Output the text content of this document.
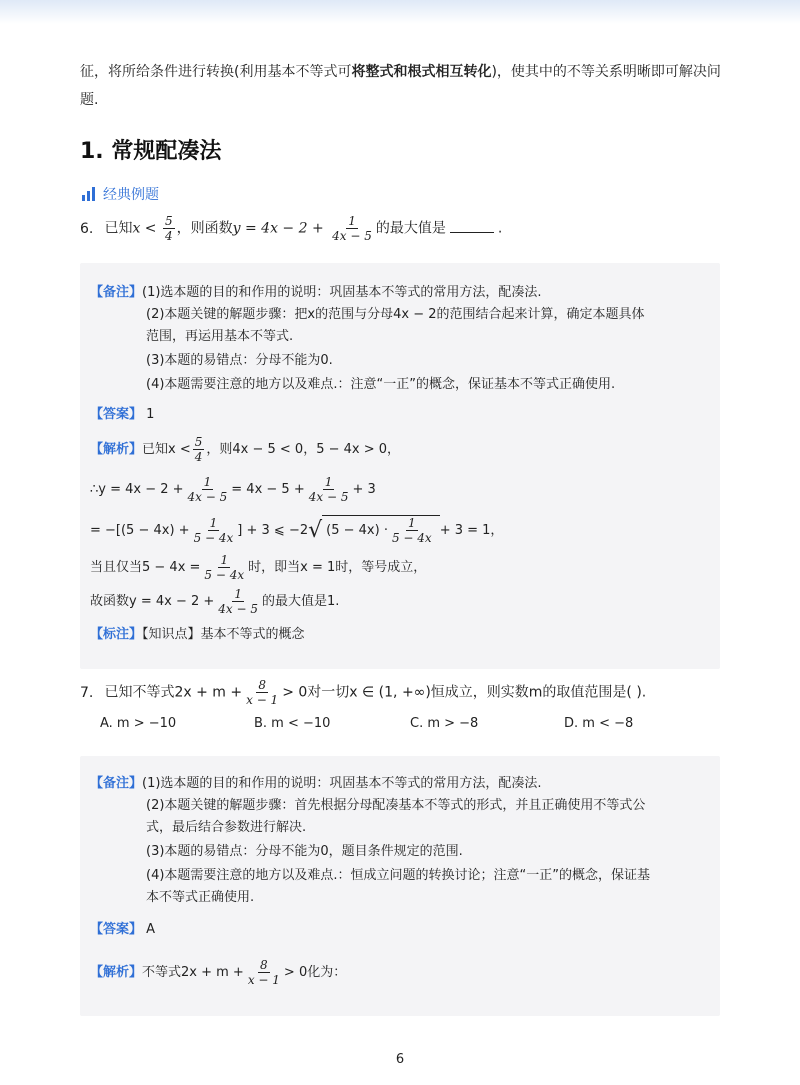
征，将所给条件进行转换(利用基本不等式可将整式和根式相互转化)，使其中的不等关系明晰即可解决问题.
1. 常规配凑法
经典例题
6. 已知$x < \frac{5}{4}$ ，则函数$y = 4x - 2 + \frac{1}{4x - 5}$ 的最大值是	.
【备注】(1)选本题的目的和作用的说明：巩固基本不等式的常用方法，配凑法.
(2)本题关键的解题步骤：把x的范围与分母4x − 2的范围结合起来计算，确定本题具体
范围，再运用基本不等式.
(3)本题的易错点：分母不能为0.
(4)本题需要注意的地方以及难点.：注意“一正”的概念，保证基本不等式正确使用.
【答案】 1
【解析】已知$x < \frac{5}{4}$ ，则4x − 5 < 0，5 − 4x > 0，
∴y = $4x - 2 + \frac{1}{4x - 5} = 4x - 5 + \frac{1}{4x - 5} + 3$
= $-[(5 - 4x) + \frac{1}{5 - 4x}$ ] + 3 ⩽ −2√ $(5 - 4x) \cdot \frac{1}{5 - 4x} + 3 = 1$，
当且仅当$5 - 4x = \frac{1}{5 - 4x}$ 时，即当x = 1时，等号成立，
故函数$y = 4x - 2 + \frac{1}{4x - 5}$ 的最大值是1.
【标注】【知识点】基本不等式的概念
7. 已知不等式$2x + m + \frac{8}{x - 1} > 0$对一切x ∈ (1, +∞)恒成立，则实数m的取值范围是( ).
A. m > −10	B. m < −10	C. m > −8	D. m < −8
【备注】(1)选本题的目的和作用的说明：巩固基本不等式的常用方法，配凑法.
(2)本题关键的解题步骤：首先根据分母配凑基本不等式的形式，并且正确使用不等式公
式，最后结合参数进行解决.
(3)本题的易错点：分母不能为0，题目条件规定的范围.
(4)本题需要注意的地方以及难点.：恒成立问题的转换讨论；注意“一正”的概念，保证基
本不等式正确使用.
【答案】 A
【解析】不等式$2x + m + \frac{8}{x - 1} > 0$化为：
6
